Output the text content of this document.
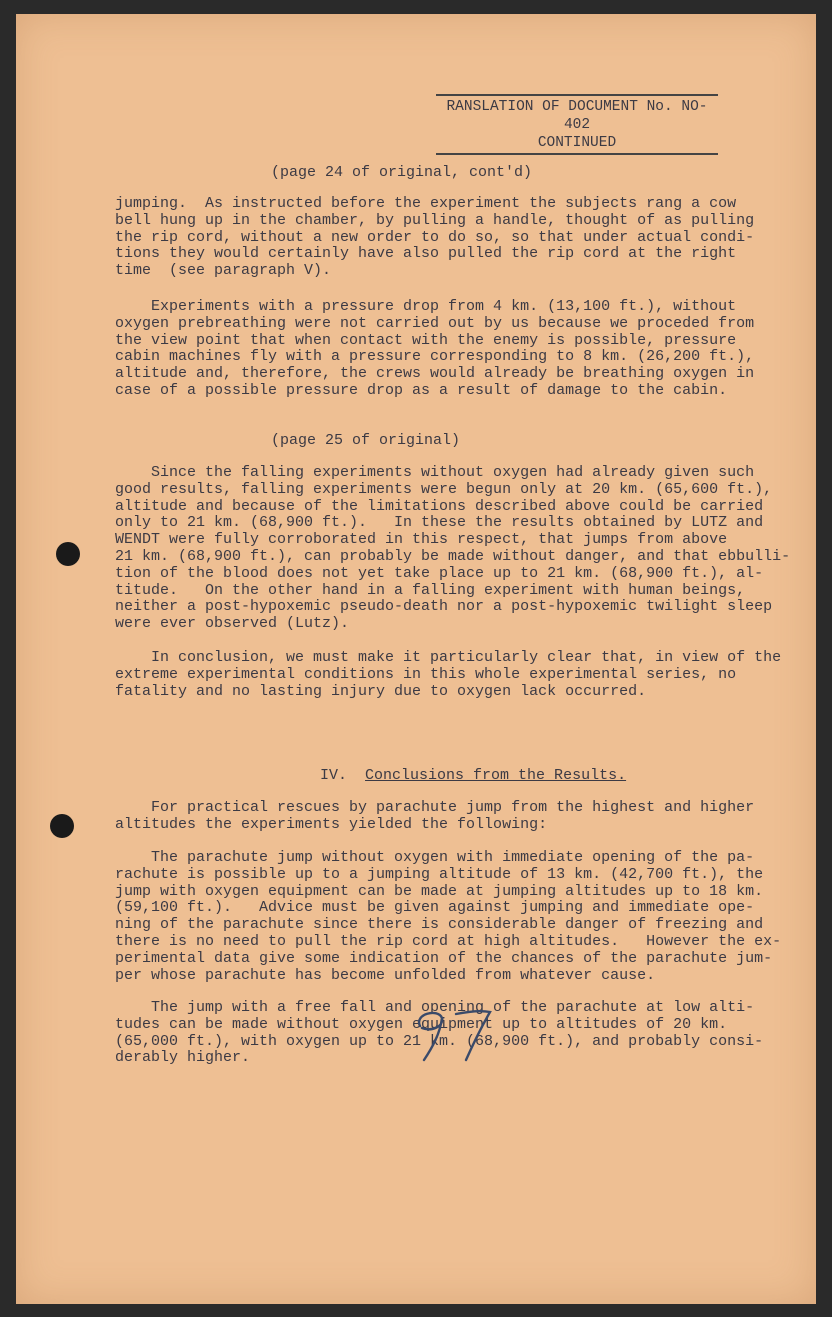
RANSLATION OF DOCUMENT No. NO-402
CONTINUED
(page 24 of original, cont'd)

jumping.  As instructed before the experiment the subjects rang a cow
bell hung up in the chamber, by pulling a handle, thought of as pulling
the rip cord, without a new order to do so, so that under actual condi-
tions they would certainly have also pulled the rip cord at the right
time  (see paragraph V).

Experiments with a pressure drop from 4 km. (13,100 ft.), without
oxygen prebreathing were not carried out by us because we proceded from
the view point that when contact with the enemy is possible, pressure
cabin machines fly with a pressure corresponding to 8 km. (26,200 ft.),
altitude and, therefore, the crews would already be breathing oxygen in
case of a possible pressure drop as a result of damage to the cabin.

(page 25 of original)

Since the falling experiments without oxygen had already given such
good results, falling experiments were begun only at 20 km. (65,600 ft.),
altitude and because of the limitations described above could be carried
only to 21 km. (68,900 ft.).   In these the results obtained by LUTZ and
WENDT were fully corroborated in this respect, that jumps from above
21 km. (68,900 ft.), can probably be made without danger, and that ebbulli-
tion of the blood does not yet take place up to 21 km. (68,900 ft.), al-
titude.   On the other hand in a falling experiment with human beings,
neither a post-hypoxemic pseudo-death nor a post-hypoxemic twilight sleep
were ever observed (Lutz).

In conclusion, we must make it particularly clear that, in view of the
extreme experimental conditions in this whole experimental series, no
fatality and no lasting injury due to oxygen lack occurred.

IV. Conclusions from the Results.

For practical rescues by parachute jump from the highest and higher
altitudes the experiments yielded the following:

The parachute jump without oxygen with immediate opening of the pa-
rachute is possible up to a jumping altitude of 13 km. (42,700 ft.), the
jump with oxygen equipment can be made at jumping altitudes up to 18 km.
(59,100 ft.).   Advice must be given against jumping and immediate ope-
ning of the parachute since there is considerable danger of freezing and
there is no need to pull the rip cord at high altitudes.   However the ex-
perimental data give some indication of the chances of the parachute jum-
per whose parachute has become unfolded from whatever cause.

The jump with a free fall and opening of the parachute at low alti-
tudes can be made without oxygen equipment up to altitudes of 20 km.
(65,000 ft.), with oxygen up to 21 km. (68,900 ft.), and probably consi-
derably higher.
